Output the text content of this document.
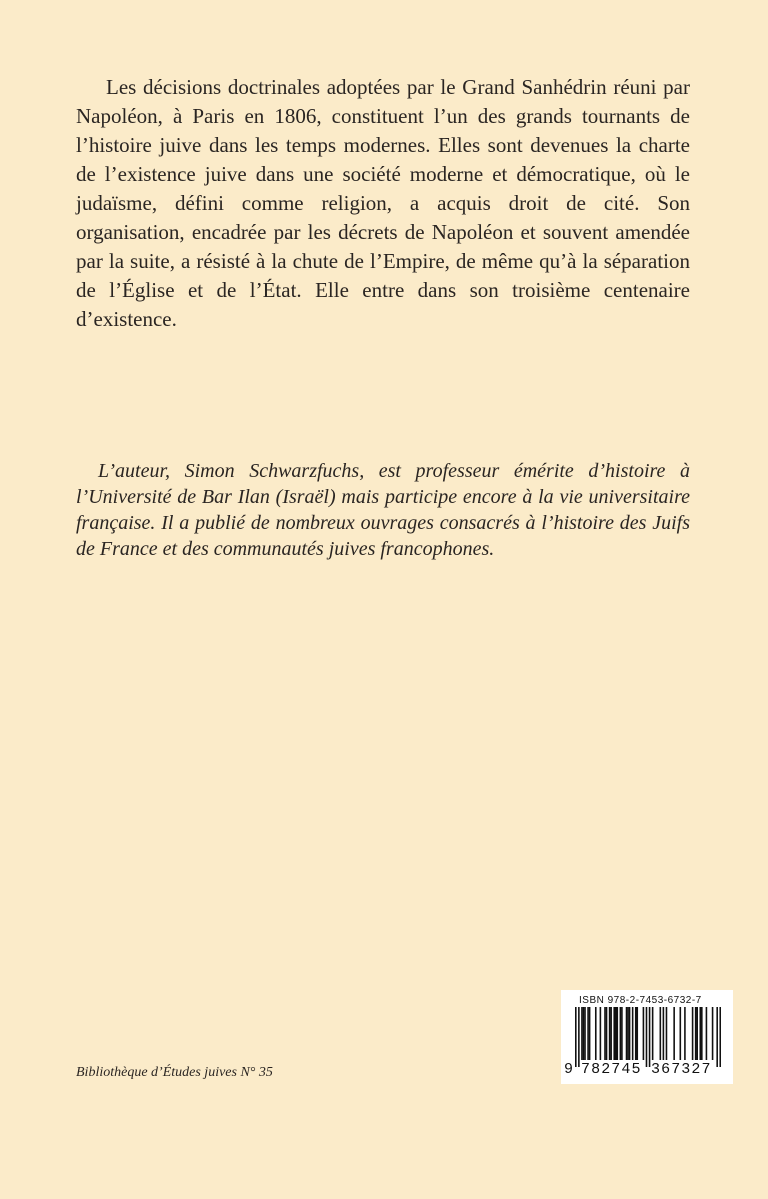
Les décisions doctrinales adoptées par le Grand Sanhédrin réuni par Napoléon, à Paris en 1806, constituent l’un des grands tournants de l’histoire juive dans les temps modernes. Elles sont devenues la charte de l’existence juive dans une société moderne et démocratique, où le judaïsme, défini comme religion, a acquis droit de cité. Son organisation, encadrée par les décrets de Napoléon et souvent amendée par la suite, a résisté à la chute de l’Empire, de même qu’à la séparation de l’Église et de l’État. Elle entre dans son troisième centenaire d’existence.

L’auteur, Simon Schwarzfuchs, est professeur émérite d’histoire à l’Université de Bar Ilan (Israël) mais participe encore à la vie universitaire française. Il a publié de nombreux ouvrages consacrés à l’histoire des Juifs de France et des communautés juives francophones.

Bibliothèque d’Études juives N° 35

ISBN 978-2-7453-6732-7
9 782745 367327
